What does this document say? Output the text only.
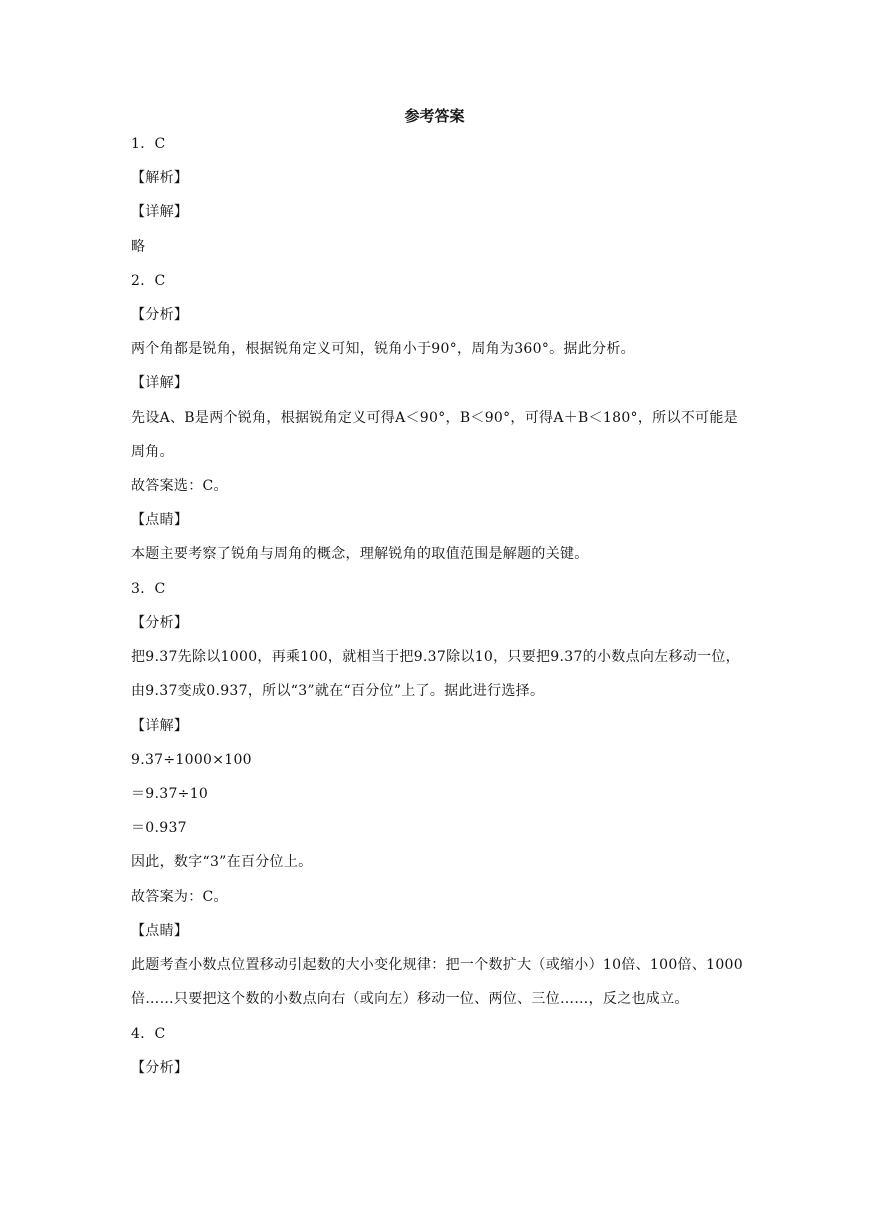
参考答案
1．C
【解析】
【详解】
略
2．C
【分析】
两个角都是锐角，根据锐角定义可知，锐角小于90°，周角为360°。据此分析。
【详解】
先设A、B是两个锐角，根据锐角定义可得A＜90°，B＜90°，可得A＋B＜180°，所以不可能是周角。
故答案选：C。
【点睛】
本题主要考察了锐角与周角的概念，理解锐角的取值范围是解题的关键。
3．C
【分析】
把9.37先除以1000，再乘100，就相当于把9.37除以10，只要把9.37的小数点向左移动一位，由9.37变成0.937，所以“3”就在“百分位”上了。据此进行选择。
【详解】
9.37÷1000×100
＝9.37÷10
＝0.937
因此，数字“3”在百分位上。
故答案为：C。
【点睛】
此题考查小数点位置移动引起数的大小变化规律：把一个数扩大（或缩小）10倍、100倍、1000倍……只要把这个数的小数点向右（或向左）移动一位、两位、三位……，反之也成立。
4．C
【分析】
